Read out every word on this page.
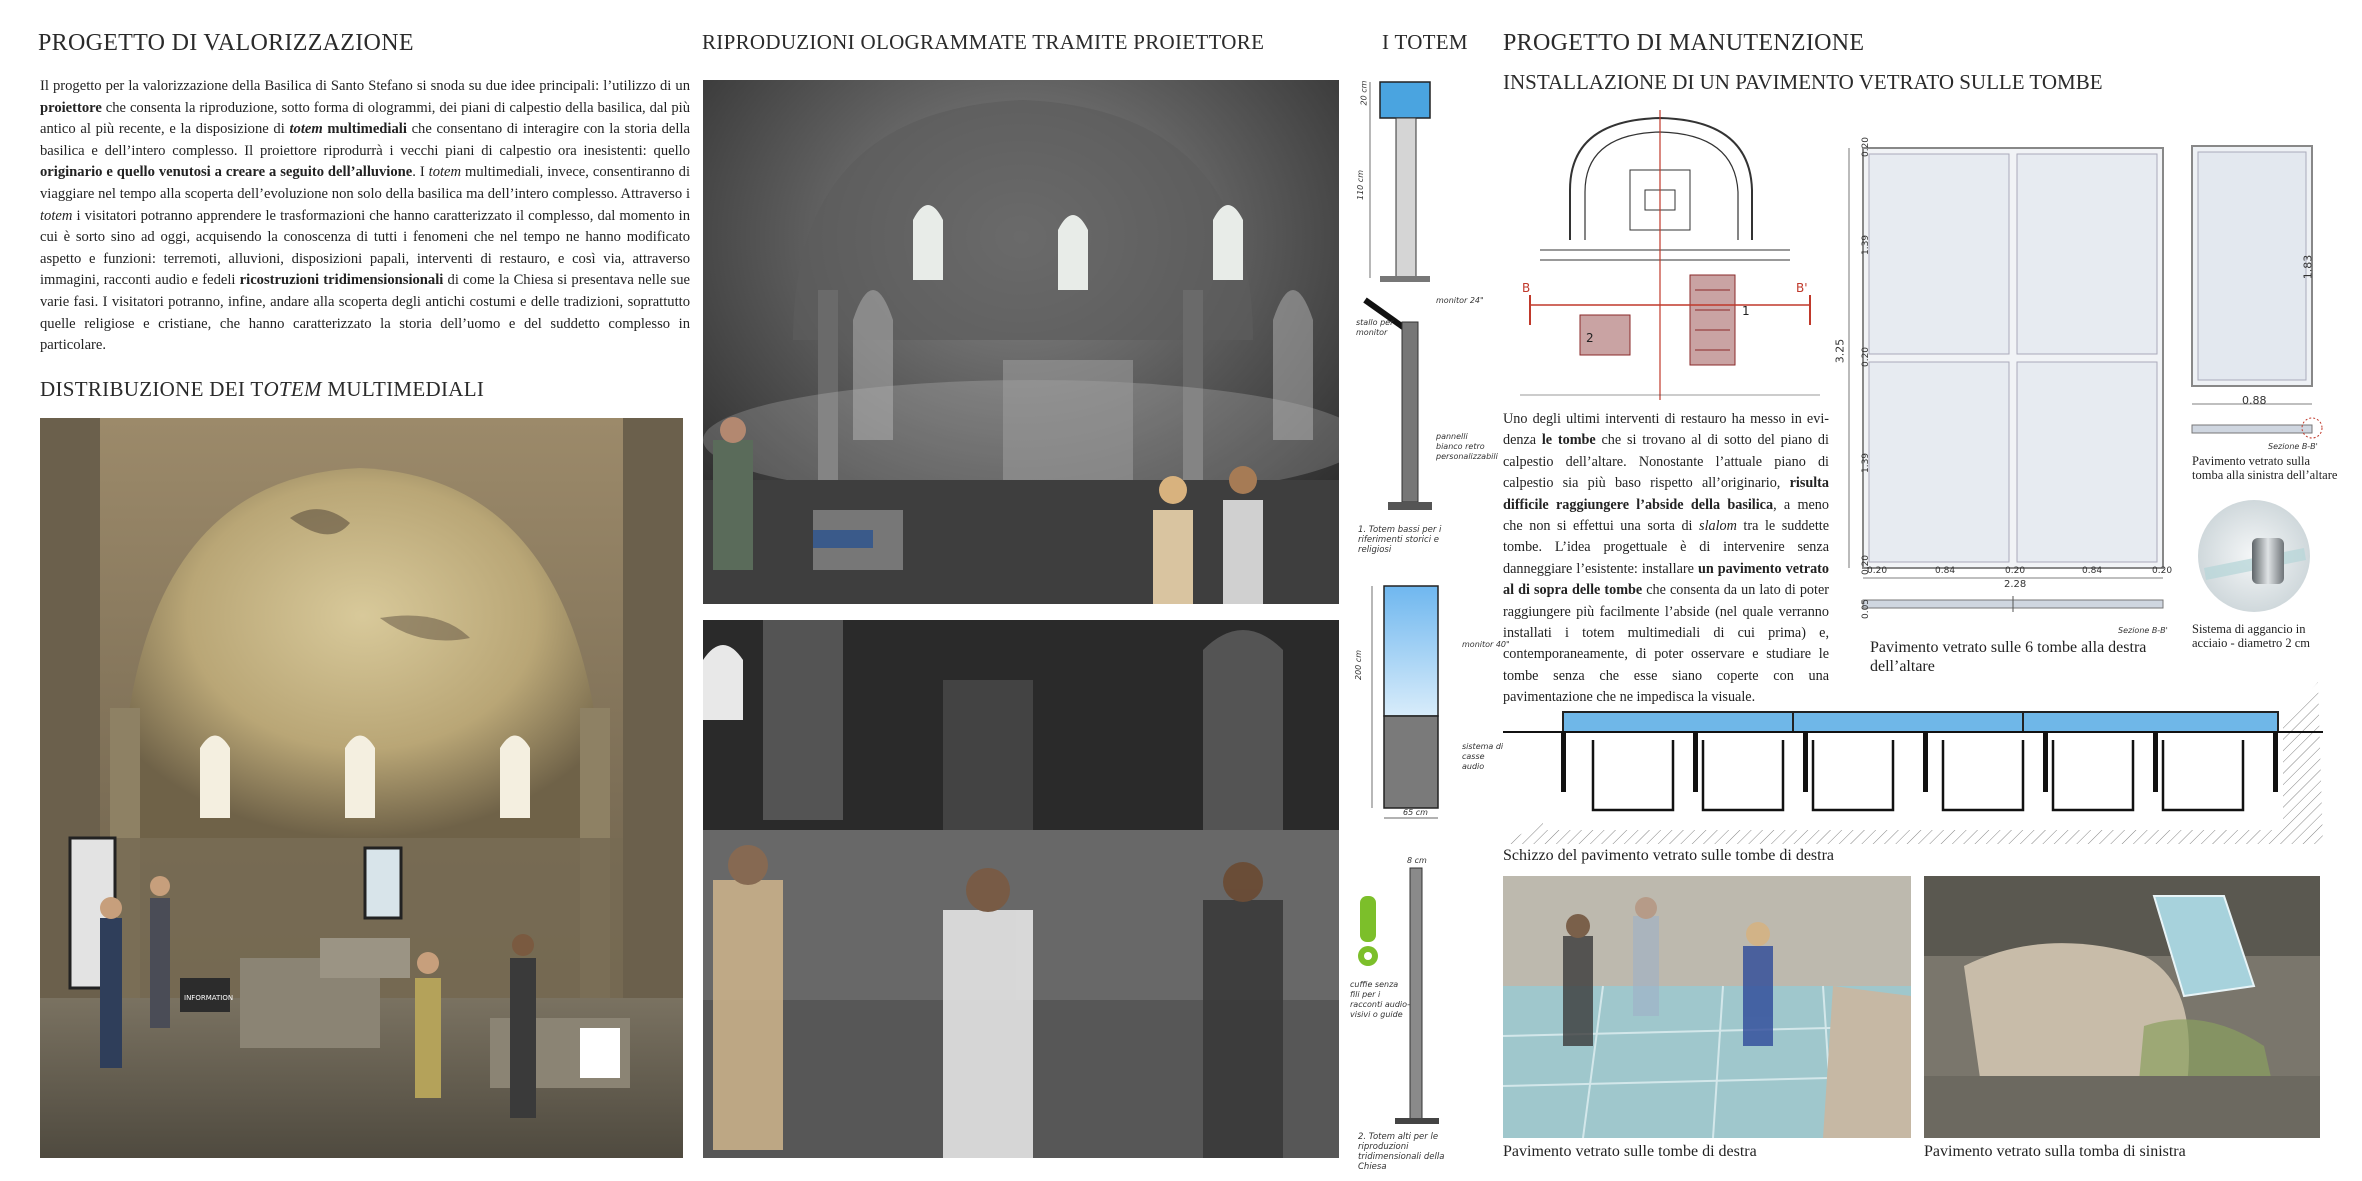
PROGETTO DI VALORIZZAZIONE
Il progetto per la valorizzazione della Basilica di Santo Stefano si snoda su due idee principali: l’utilizzo di un proiettore che consenta la riproduzione, sotto forma di ologrammi, dei piani di calpestio della basilica, dal più antico al più recente, e la disposizione di totem multimediali che consentano di interagire con la storia della basilica e dell’intero complesso. Il proiettore riprodurrà i vecchi piani di calpestio ora inesistenti: quello originario e quello venutosi a creare a seguito dell’alluvione. I totem multimediali, invece, consentiranno di viaggiare nel tempo alla scoperta dell’evoluzione non solo della basilica ma dell’intero complesso. Attraverso i totem i visitatori potranno apprendere le trasformazioni che hanno caratterizzato il complesso, dal momento in cui è sorto sino ad oggi, acquisendo la conoscenza di tutti i fenomeni che nel tempo ne hanno modificato aspetto e funzioni: terremoti, alluvioni, disposizioni papali, interventi di restauro, e così via, attraverso immagini, racconti audio e fedeli ricostruzioni tridimensionsionali di come la Chiesa si presentava nelle sue varie fasi. I visitatori potranno, infine, andare alla scoperta degli antichi costumi e delle tradizioni, soprattutto quelle religiose e cristiane, che hanno caratterizzato la storia dell’uomo e del suddetto complesso in particolare.
DISTRIBUZIONE DEI TOTEM MULTIMEDIALI
INFORMATION
RIPRODUZIONI OLOGRAMMATE TRAMITE PROIETTORE	I TOTEM
20 cm
110 cm
monitor 24"
stallo per monitor
pannelli bianco retro personalizzabili
1. Totem bassi per i riferimenti storici e religiosi
200 cm
monitor 40"
sistema di casse audio
65 cm
8 cm
cuffie senza fili per i racconti audio-visivi o guide
2. Totem alti per le riproduzioni tridimensionali della Chiesa
PROGETTO DI MANUTENZIONE
INSTALLAZIONE DI UN PAVIMENTO VETRATO SULLE TOMBE
B	B'
1
2
Uno degli ultimi interventi di restauro ha messo in evidenza le tombe che si trovano al di sotto del piano di calpestio dell’altare. Nonostante l’attuale piano di calpestio sia più baso rispetto all’originario, risulta difficile raggiungere l’abside della basilica, a meno che non si effettui una sorta di slalom tra le suddette tombe. L’idea progettuale è di intervenire senza danneggiare l’esistente: installare un pavimento vetrato al di sopra delle tombe che consenta da un lato di poter raggiungere più facilmente l’abside (nel quale verranno installati i totem multimediali di cui prima) e, contemporaneamente, di poter osservare e studiare le tombe senza che esse siano coperte con una pavimentazione che ne impedisca la visuale.
0.20
1.39
0.20
1.39
0.20
3.25
0.20	0.84	0.20	0.84	0.20
2.28
0.05
Sezione B-B'
Pavimento vetrato sulle 6 tombe alla destra dell’altare
1.83
0.88
Sezione B-B'
Pavimento vetrato sulla tomba alla sinistra dell’altare
Sistema di aggancio in acciaio - diametro 2 cm
Schizzo del pavimento vetrato sulle tombe di destra
Pavimento vetrato sulle tombe di destra	Pavimento vetrato sulla tomba di sinistra
